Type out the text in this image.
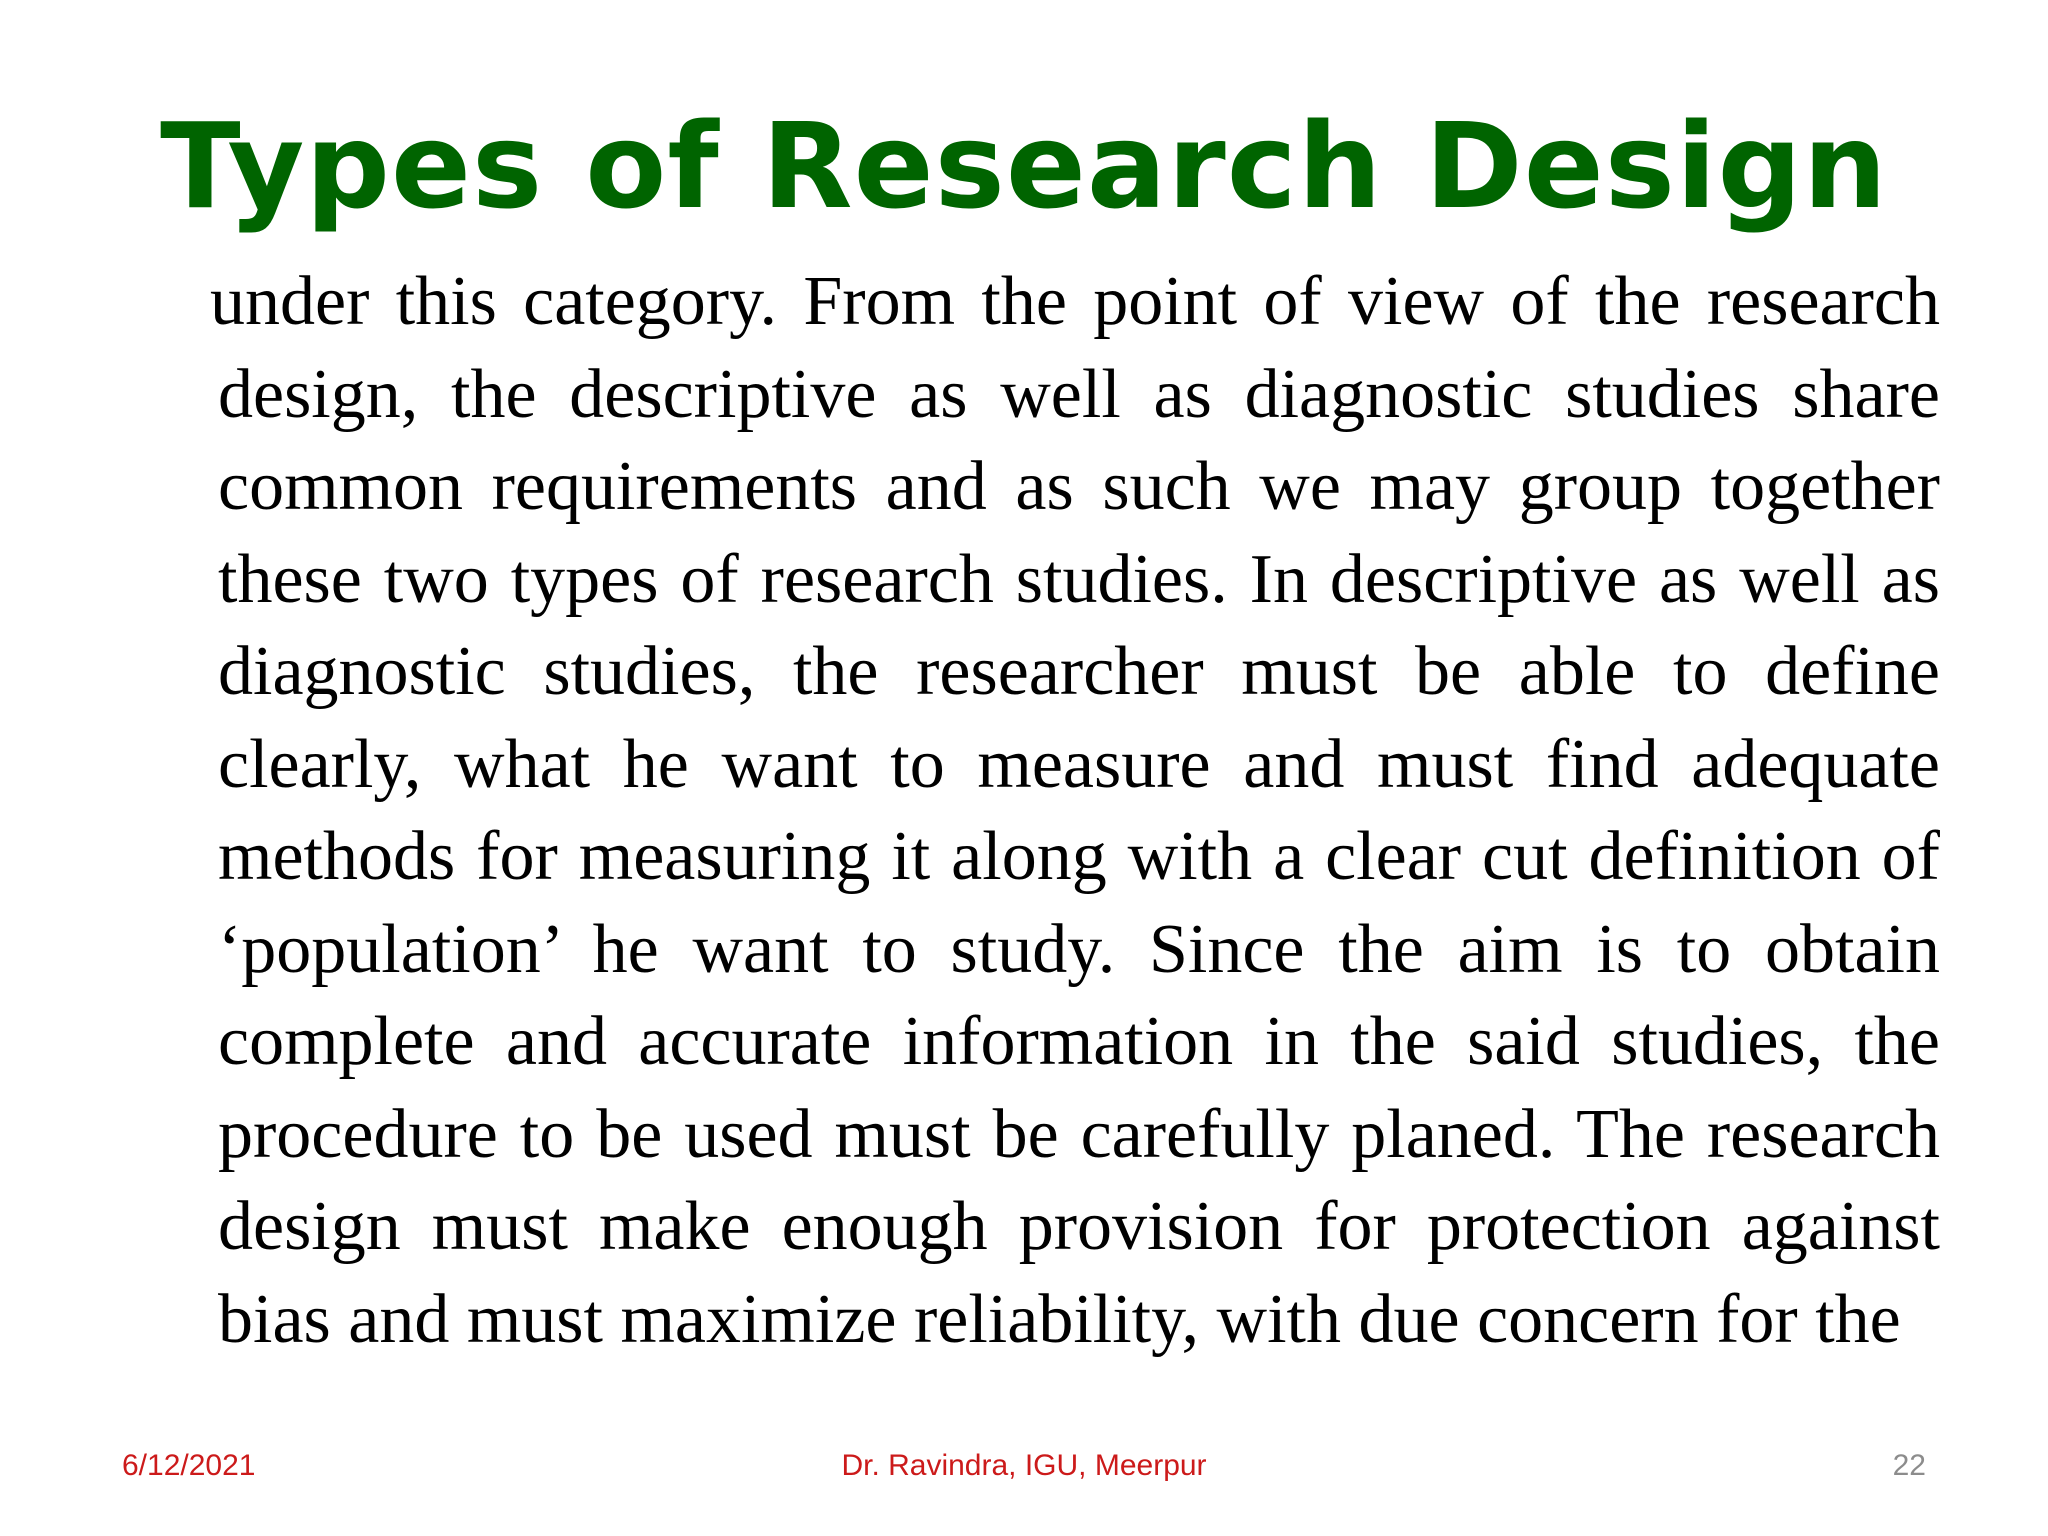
Types of Research Design
under this category. From the point of view of the research
design, the descriptive as well as diagnostic studies share
common requirements and as such we may group together
these two types of research studies. In descriptive as well as
diagnostic studies, the researcher must be able to define
clearly, what he want to measure and must find adequate
methods for measuring it along with a clear cut definition of
‘population’ he want to study. Since the aim is to obtain
complete and accurate information in the said studies, the
procedure to be used must be carefully planed. The research
design must make enough provision for protection against
bias and must maximize reliability, with due concern for the
6/12/2021	Dr. Ravindra, IGU, Meerpur	22
